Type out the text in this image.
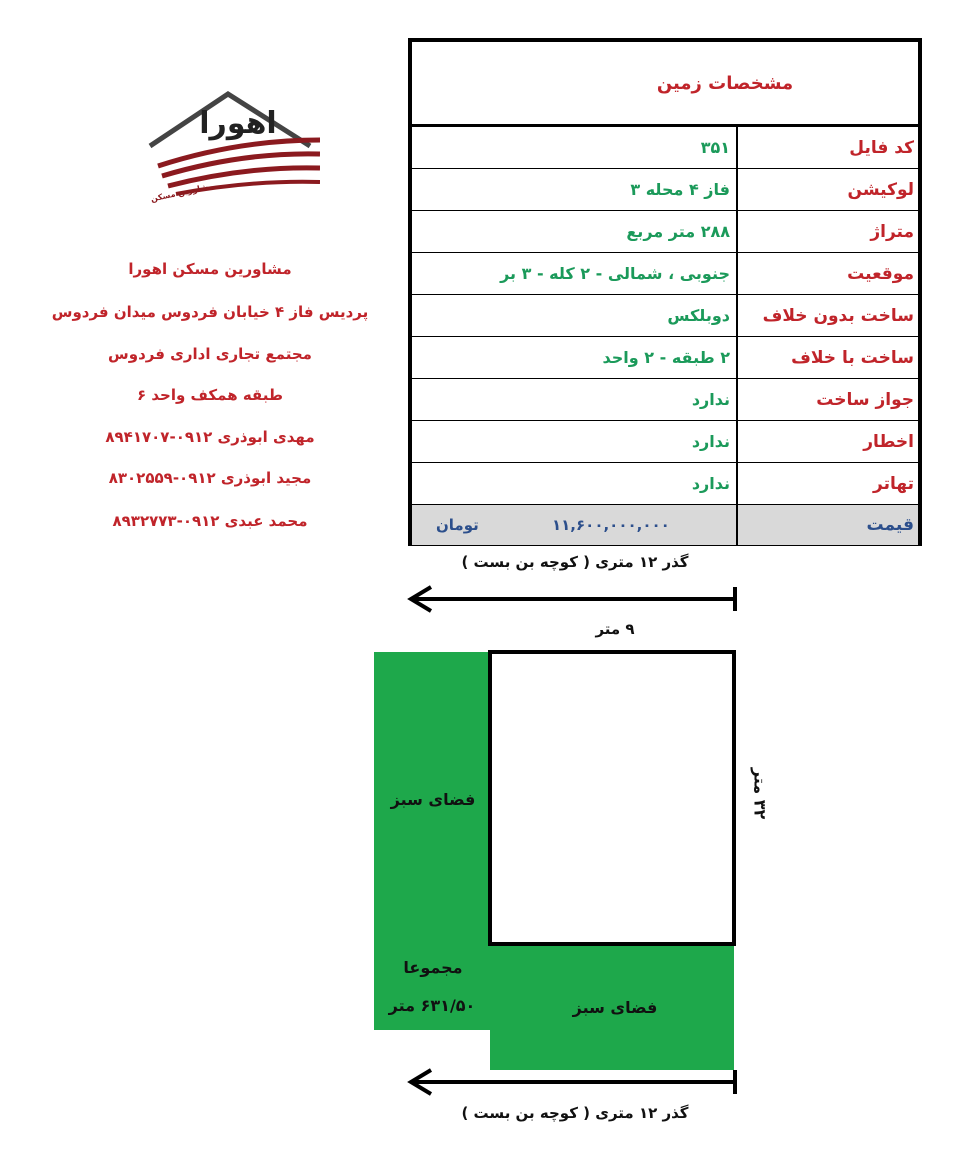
اهورا
مشاورین مسکن
مشاورین مسکن اهورا
پردیس فاز ۴ خیابان فردوس میدان فردوس
مجتمع تجاری اداری فردوس
طبقه همکف واحد ۶
مهدی ابوذری ۰۹۱۲-۸۹۴۱۷۰۷
مجید ابوذری ۰۹۱۲-۸۳۰۲۵۵۹
محمد عبدی ۰۹۱۲-۸۹۳۲۷۷۳
مشخصات زمین
کد فایل
۳۵۱
لوکیشن
فاز ۴ محله ۳
متراژ
۲۸۸ متر مربع
موقعیت
جنوبی ، شمالی - ۲ کله - ۳ بر
ساخت بدون خلاف
دوبلکس
ساخت با خلاف
۲ طبقه - ۲ واحد
جواز ساخت
ندارد
اخطار
ندارد
تهاتر
ندارد
قیمت
۱۱,۶۰۰,۰۰۰,۰۰۰
تومان
گذر ۱۲ متری ( کوچه بن بست )
۹ متر
فضای سبز
مجموعا
۶۳۱/۵۰ متر	فضای سبز
۳۲ متر
گذر ۱۲ متری ( کوچه بن بست )
